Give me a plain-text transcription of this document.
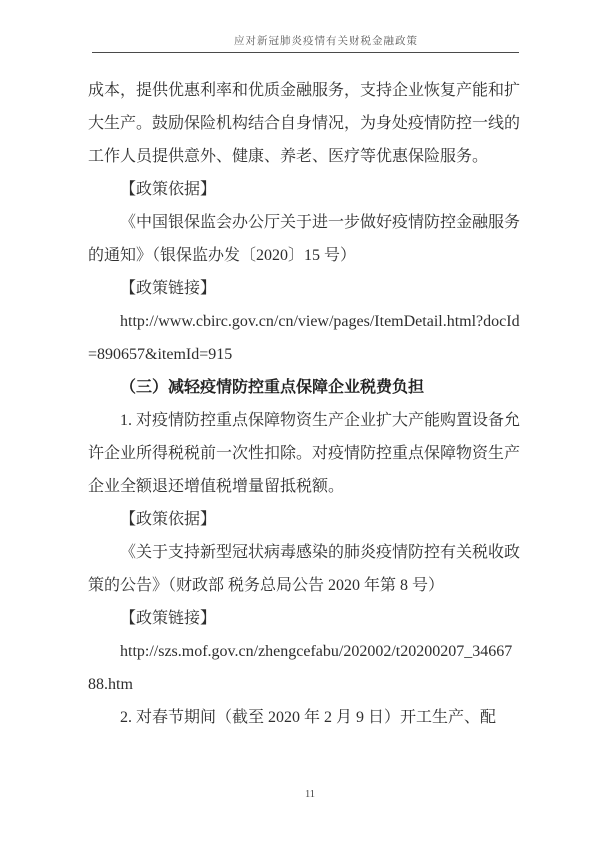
应对新冠肺炎疫情有关财税金融政策

成本，提供优惠利率和优质金融服务，支持企业恢复产能和扩大生产。鼓励保险机构结合自身情况，为身处疫情防控一线的工作人员提供意外、健康、养老、医疗等优惠保险服务。

【政策依据】

《中国银保监会办公厅关于进一步做好疫情防控金融服务的通知》（银保监办发〔2020〕15 号）

【政策链接】

http://www.cbirc.gov.cn/cn/view/pages/ItemDetail.html?docId=890657&itemId=915

（三）减轻疫情防控重点保障企业税费负担

1. 对疫情防控重点保障物资生产企业扩大产能购置设备允许企业所得税税前一次性扣除。对疫情防控重点保障物资生产企业全额退还增值税增量留抵税额。

【政策依据】

《关于支持新型冠状病毒感染的肺炎疫情防控有关税收政策的公告》（财政部 税务总局公告 2020 年第 8 号）

【政策链接】

http://szs.mof.gov.cn/zhengcefabu/202002/t20200207_3466788.htm

2. 对春节期间（截至 2020 年 2 月 9 日）开工生产、配

11
